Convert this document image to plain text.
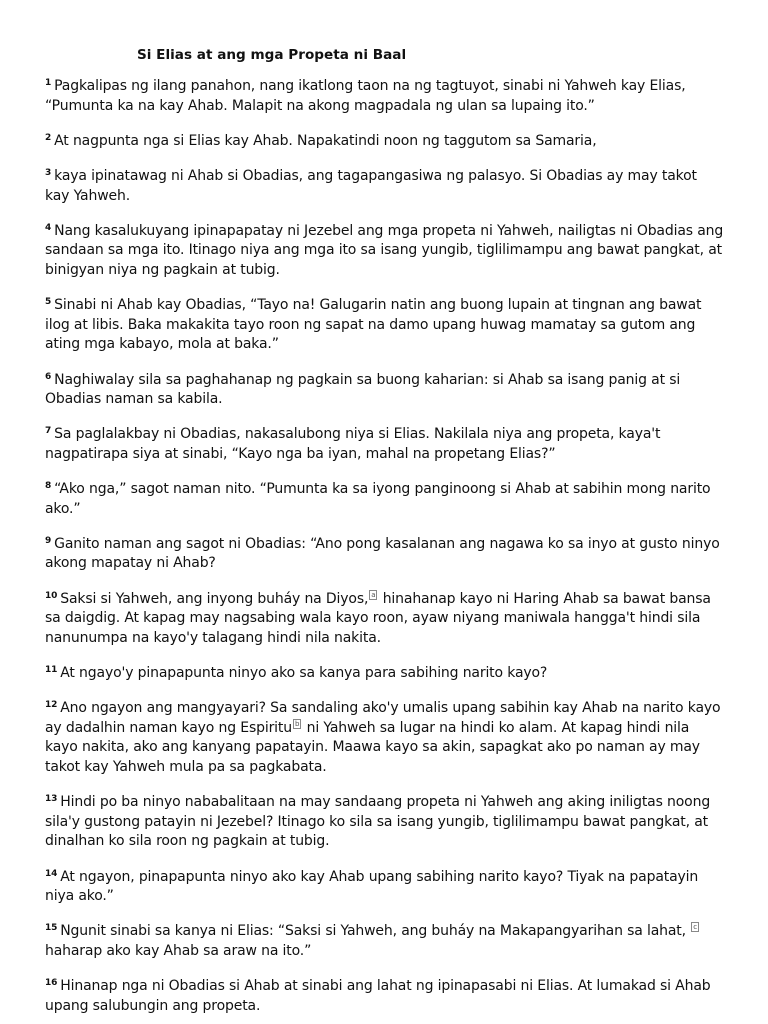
Si Elias at ang mga Propeta ni Baal

$^1$ Pagkalipas ng ilang panahon, nang ikatlong taon na ng tagtuyot, sinabi ni Yahweh kay Elias, “Pumunta ka na kay Ahab. Malapit na akong magpadala ng ulan sa lupaing ito.”

$^2$ At nagpunta nga si Elias kay Ahab. Napakatindi noon ng taggutom sa Samaria,

$^3$ kaya ipinatawag ni Ahab si Obadias, ang tagapangasiwa ng palasyo. Si Obadias ay may takot kay Yahweh.

$^4$ Nang kasalukuyang ipinapapatay ni Jezebel ang mga propeta ni Yahweh, nailigtas ni Obadias ang sandaan sa mga ito. Itinago niya ang mga ito sa isang yungib, tiglilimampu ang bawat pangkat, at binigyan niya ng pagkain at tubig.

$^5$ Sinabi ni Ahab kay Obadias, “Tayo na! Galugarin natin ang buong lupain at tingnan ang bawat ilog at libis. Baka makakita tayo roon ng sapat na damo upang huwag mamatay sa gutom ang ating mga kabayo, mola at baka.”

$^6$ Naghiwalay sila sa paghahanap ng pagkain sa buong kaharian: si Ahab sa isang panig at si Obadias naman sa kabila.

$^7$ Sa paglalakbay ni Obadias, nakasalubong niya si Elias. Nakilala niya ang propeta, kaya't nagpatirapa siya at sinabi, “Kayo nga ba iyan, mahal na propetang Elias?”

$^8$ “Ako nga,” sagot naman nito. “Pumunta ka sa iyong panginoong si Ahab at sabihin mong narito ako.”

$^9$ Ganito naman ang sagot ni Obadias: “Ano pong kasalanan ang nagawa ko sa inyo at gusto ninyo akong mapatay ni Ahab?

$^{10}$ Saksi si Yahweh, ang inyong buháy na Diyos, a hinahanap kayo ni Haring Ahab sa bawat bansa sa daigdig. At kapag may nagsabing wala kayo roon, ayaw niyang maniwala hangga't hindi sila nanunumpa na kayo'y talagang hindi nila nakita.

$^{11}$ At ngayo'y pinapapunta ninyo ako sa kanya para sabihing narito kayo?

$^{12}$ Ano ngayon ang mangyayari? Sa sandaling ako'y umalis upang sabihin kay Ahab na narito kayo ay dadalhin naman kayo ng Espiritu b ni Yahweh sa lugar na hindi ko alam. At kapag hindi nila kayo nakita, ako ang kanyang papatayin. Maawa kayo sa akin, sapagkat ako po naman ay may takot kay Yahweh mula pa sa pagkabata.

$^{13}$ Hindi po ba ninyo nababalitaan na may sandaang propeta ni Yahweh ang aking iniligtas noong sila'y gustong patayin ni Jezebel? Itinago ko sila sa isang yungib, tiglilimampu bawat pangkat, at dinalhan ko sila roon ng pagkain at tubig.

$^{14}$ At ngayon, pinapapunta ninyo ako kay Ahab upang sabihing narito kayo? Tiyak na papatayin niya ako.”

$^{15}$ Ngunit sinabi sa kanya ni Elias: “Saksi si Yahweh, ang buháy na Makapangyarihan sa lahat, c haharap ako kay Ahab sa araw na ito.”

$^{16}$ Hinanap nga ni Obadias si Ahab at sinabi ang lahat ng ipinapasabi ni Elias. At lumakad si Ahab upang salubungin ang propeta.
